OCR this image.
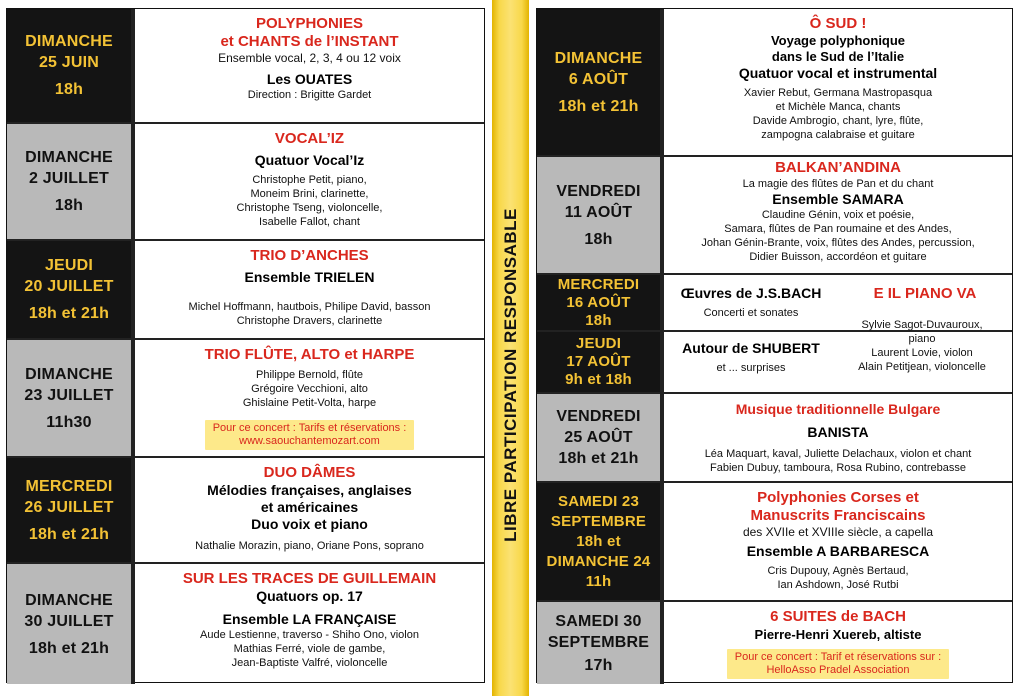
LIBRE PARTICIPATION RESPONSABLE
DIMANCHE
25 JUIN
18h
POLYPHONIES
et CHANTS de l’INSTANT
Ensemble vocal, 2, 3, 4 ou 12 voix
Les OUATES
Direction : Brigitte Gardet
DIMANCHE
2 JUILLET
18h
VOCAL’IZ
Quatuor Vocal’Iz
Christophe Petit, piano,
Moneim Brini, clarinette,
Christophe Tseng, violoncelle,
Isabelle Fallot, chant
JEUDI
20 JUILLET
18h et 21h
TRIO D’ANCHES
Ensemble TRIELEN
Michel Hoffmann, hautbois, Philipe David, basson
Christophe Dravers, clarinette
DIMANCHE
23 JUILLET
11h30
TRIO FLÛTE, ALTO et HARPE
Philippe Bernold, flûte
Grégoire Vecchioni, alto
Ghislaine Petit-Volta, harpe
Pour ce concert : Tarifs et réservations :
www.saouchantemozart.com
MERCREDI
26 JUILLET
18h et 21h
DUO DÂMES
Mélodies françaises, anglaises
et américaines
Duo voix et piano
Nathalie Morazin, piano, Oriane Pons, soprano
DIMANCHE
30 JUILLET
18h et 21h
SUR LES TRACES DE GUILLEMAIN
Quatuors op. 17
Ensemble LA FRANÇAISE
Aude Lestienne, traverso - Shiho Ono, violon
Mathias Ferré, viole de gambe,
Jean-Baptiste Valfré, violoncelle
DIMANCHE
6 AOÛT
18h et 21h
Ô SUD !
Voyage polyphonique
dans le Sud de l’Italie
Quatuor vocal et instrumental
Xavier Rebut, Germana Mastropasqua
et Michèle Manca, chants
Davide Ambrogio, chant, lyre, flûte,
zampogna calabraise et guitare
VENDREDI
11 AOÛT
18h
BALKAN’ANDINA
La magie des flûtes de Pan et du chant
Ensemble SAMARA
Claudine Génin, voix et poésie,
Samara, flûtes de Pan roumaine et des Andes,
Johan Génin-Brante, voix, flûtes des Andes, percussion,
Didier Buisson, accordéon et guitare
MERCREDI
16 AOÛT
18h
Œuvres de J.S.BACH
Concerti et sonates
E IL PIANO VA
JEUDI
17 AOÛT
9h et 18h
Autour de SHUBERT
et ... surprises
Sylvie Sagot-Duvauroux,
piano
Laurent Lovie, violon
Alain Petitjean, violoncelle
VENDREDI
25 AOÛT
18h et 21h
Musique traditionnelle Bulgare
BANISTA
Léa Maquart, kaval, Juliette Delachaux, violon et chant
Fabien Dubuy, tamboura, Rosa Rubino, contrebasse
SAMEDI 23
SEPTEMBRE
18h et
DIMANCHE 24
11h
Polyphonies Corses et
Manuscrits Franciscains
des XVIIe et XVIIIe siècle, a capella
Ensemble A BARBARESCA
Cris Dupouy, Agnès Bertaud,
Ian Ashdown, José Rutbi
SAMEDI 30
SEPTEMBRE
17h
6 SUITES de BACH
Pierre-Henri Xuereb, altiste
Pour ce concert : Tarif et réservations sur :
HelloAsso Pradel Association
